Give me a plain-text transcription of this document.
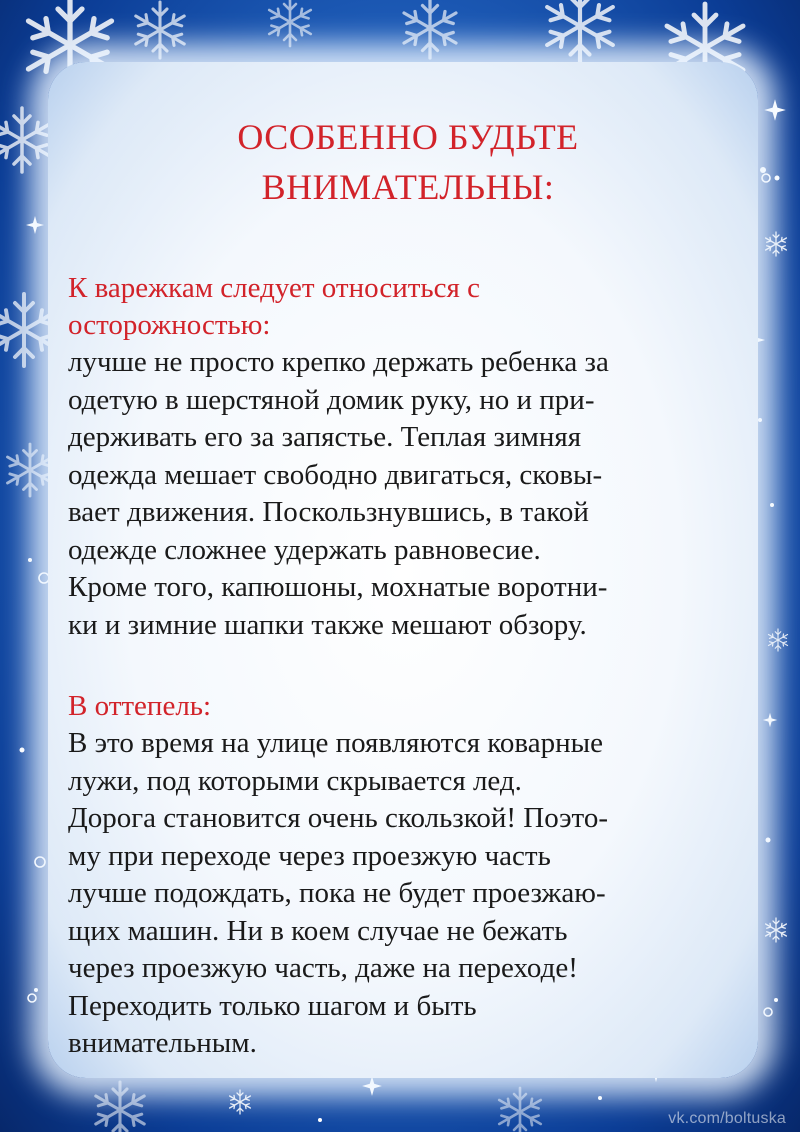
ОСОБЕННО БУДЬТЕ
ВНИМАТЕЛЬНЫ:

К варежкам следует относиться с
осторожностью:

лучше не просто крепко держать ребенка за
одетую в шерстяной домик руку, но и при-
держивать его за запястье. Теплая зимняя
одежда мешает свободно двигаться, сковы-
вает движения. Поскользнувшись, в такой
одежде сложнее удержать равновесие.
Кроме того, капюшоны, мохнатые воротни-
ки и зимние шапки также мешают обзору.

В оттепель:

В это время на улице появляются коварные
лужи, под которыми скрывается лед.
Дорога становится очень скользкой! Поэто-
му при переходе через проезжую часть
лучше подождать, пока не будет проезжаю-
щих машин. Ни в коем случае не бежать
через проезжую часть, даже на переходе!
Переходить только шагом и быть
внимательным.

vk.com/boltuska
